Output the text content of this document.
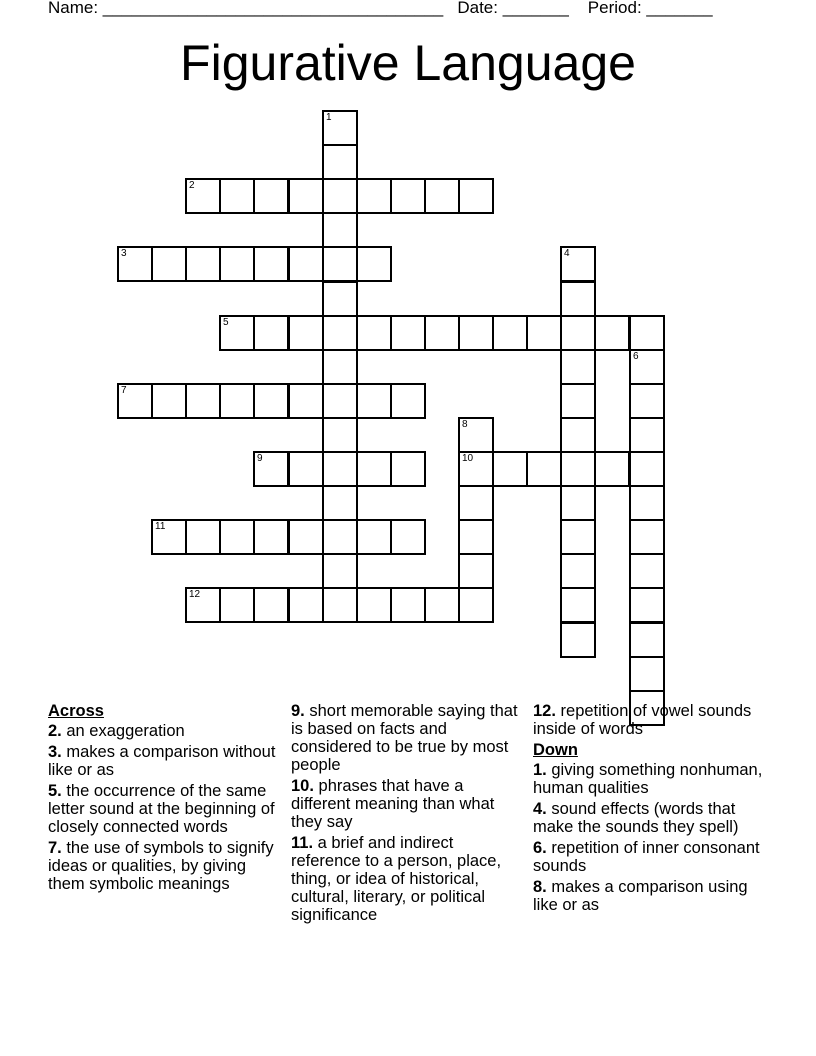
Name: ____________________________________ Date: _______ Period: _______
Figurative Language
1
2
3	4
5
6
7
8
10
9
11
12
Across
2. an exaggeration
3. makes a comparison without like or as
5. the occurrence of the same letter sound at the beginning of closely connected words
7. the use of symbols to signify ideas or qualities, by giving them symbolic meanings
9. short memorable saying that is based on facts and considered to be true by most people
10. phrases that have a different meaning than what they say
11. a brief and indirect reference to a person, place, thing, or idea of historical, cultural, literary, or political significance
12. repetition of vowel sounds inside of words
Down
1. giving something nonhuman, human qualities
4. sound effects (words that make the sounds they spell)
6. repetition of inner consonant sounds
8. makes a comparison using like or as
